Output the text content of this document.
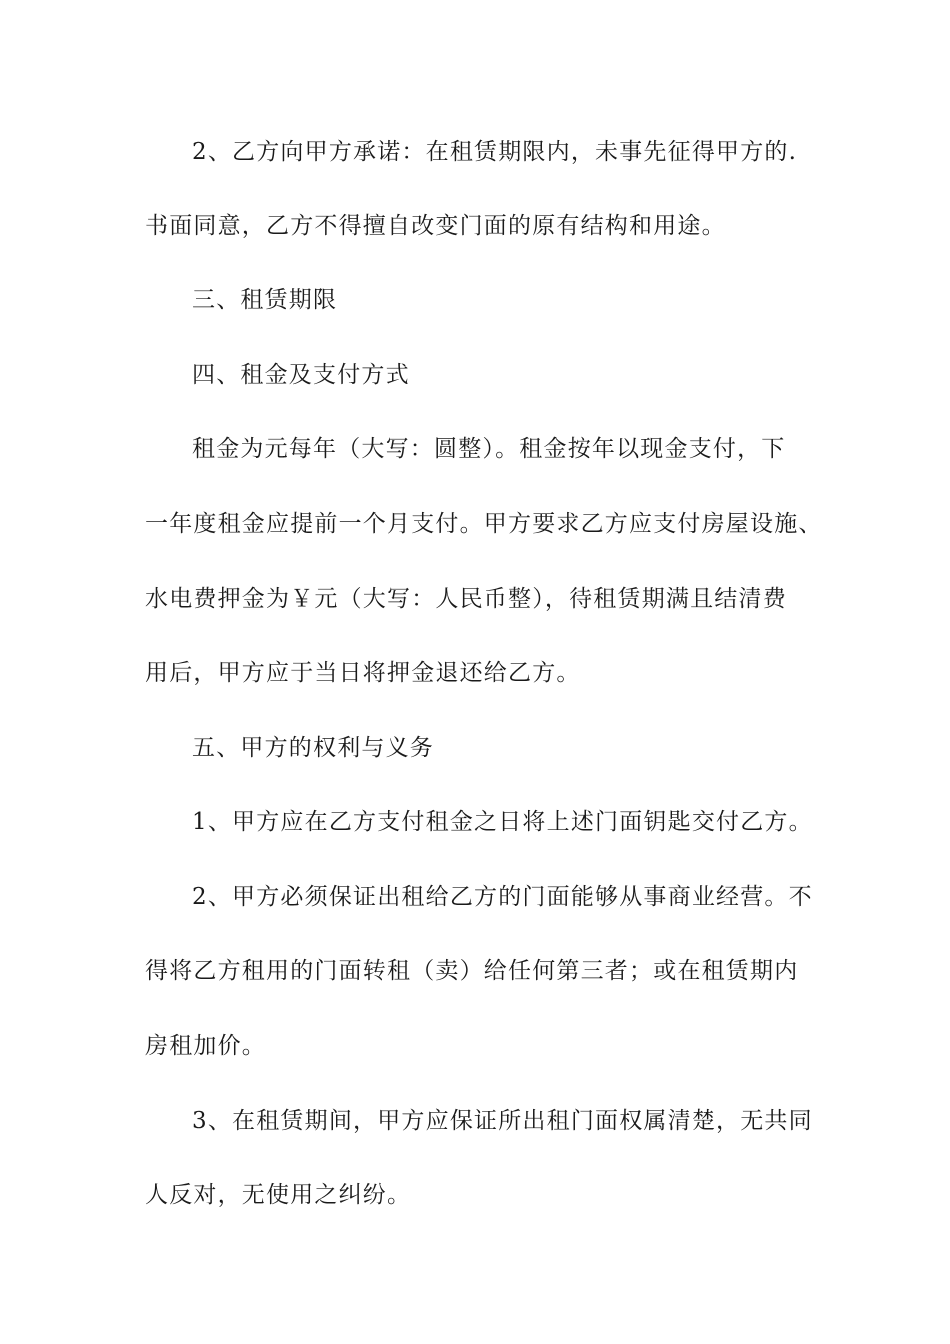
2、乙方向甲方承诺：在租赁期限内，未事先征得甲方的.
书面同意，乙方不得擅自改变门面的原有结构和用途。
三、租赁期限
四、租金及支付方式
租金为元每年（大写：圆整）。租金按年以现金支付，下
一年度租金应提前一个月支付。甲方要求乙方应支付房屋设施、
水电费押金为￥元（大写：人民币整），待租赁期满且结清费
用后，甲方应于当日将押金退还给乙方。
五、甲方的权利与义务
1、甲方应在乙方支付租金之日将上述门面钥匙交付乙方。
2、甲方必须保证出租给乙方的门面能够从事商业经营。不
得将乙方租用的门面转租（卖）给任何第三者；或在租赁期内
房租加价。
3、在租赁期间，甲方应保证所出租门面权属清楚，无共同
人反对，无使用之纠纷。
